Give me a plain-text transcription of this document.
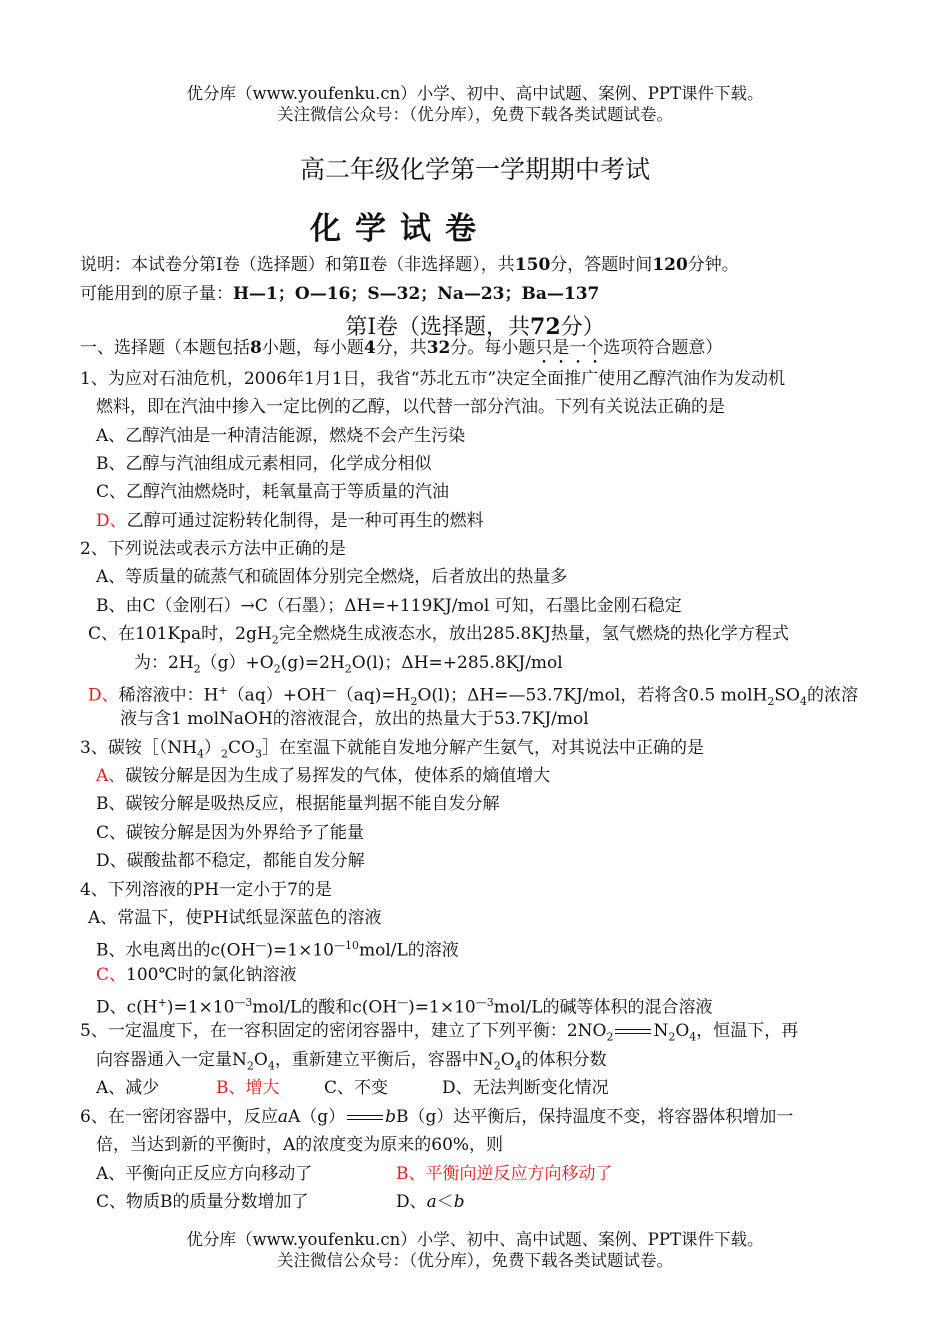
优分库（www.youfenku.cn）小学、初中、高中试题、案例、PPT课件下载。
关注微信公众号：（优分库），免费下载各类试题试卷。
高二年级化学第一学期期中考试
化学试卷
说明：本试卷分第Ⅰ卷（选择题）和第Ⅱ卷（非选择题），共150分，答题时间120分钟。
可能用到的原子量：H—1；O—16；S—32；Na—23；Ba—137
第Ⅰ卷（选择题，共72分）
一、选择题（本题包括8小题，每小题4分，共32分。每小题只是一个选项符合题意）
1、为应对石油危机，2006年1月1日，我省“苏北五市”决定全面推广使用乙醇汽油作为发动机
燃料，即在汽油中掺入一定比例的乙醇，以代替一部分汽油。下列有关说法正确的是
A、乙醇汽油是一种清洁能源，燃烧不会产生污染
B、乙醇与汽油组成元素相同，化学成分相似
C、乙醇汽油燃烧时，耗氧量高于等质量的汽油
D、乙醇可通过淀粉转化制得，是一种可再生的燃料
2、下列说法或表示方法中正确的是
A、等质量的硫蒸气和硫固体分别完全燃烧，后者放出的热量多
B、由C（金刚石）→C（石墨）；ΔH=+119KJ/mol 可知，石墨比金刚石稳定
C、在101Kpa时，$2gH_2$完全燃烧生成液态水，放出285.8KJ热量，氢气燃烧的热化学方程式
为：$2H_2(g)+O_2(g)=2H_2O(l)$；ΔH=+285.8KJ/mol
D、稀溶液中：$H^+(aq)+OH^—(aq)=H_2O(l)$；ΔH=—53.7KJ/mol，若将含0.5 $molH_2SO_4$的浓溶
液与含1 molNaOH的溶液混合，放出的热量大于53.7KJ/mol
3、碳铵$[(NH_4)_2CO_3]$在室温下就能自发地分解产生氨气，对其说法中正确的是
A、碳铵分解是因为生成了易挥发的气体，使体系的熵值增大
B、碳铵分解是吸热反应，根据能量判据不能自发分解
C、碳铵分解是因为外界给予了能量
D、碳酸盐都不稳定，都能自发分解
4、下列溶液的PH一定小于7的是
A、常温下，使PH试纸显深蓝色的溶液
B、水电离出的$c(OH^—)=1\times 10^{—10}mol/L$的溶液
C、100℃时的氯化钠溶液
D、$c(H^+)=1\times 10^{—3}mol/L$的酸和$c(OH^—)=1\times 10^{—3}mol/L$的碱等体积的混合溶液
5、一定温度下，在一容积固定的密闭容器中，建立了下列平衡：$2NO_2$ $N_2O_4$，恒温下，再
向容器通入一定量$N_2O_4$，重新建立平衡后，容器中$N_2O_4$的体积分数
A、减少	B、增大	C、不变	D、无法判断变化情况
6、在一密闭容器中，反应aA（g） bB（g）达平衡后，保持温度不变，将容器体积增加一
倍，当达到新的平衡时，A的浓度变为原来的60%，则
A、平衡向正反应方向移动了	B、平衡向逆反应方向移动了
C、物质B的质量分数增加了	D、a＜b
优分库（www.youfenku.cn）小学、初中、高中试题、案例、PPT课件下载。
关注微信公众号：（优分库），免费下载各类试题试卷。
